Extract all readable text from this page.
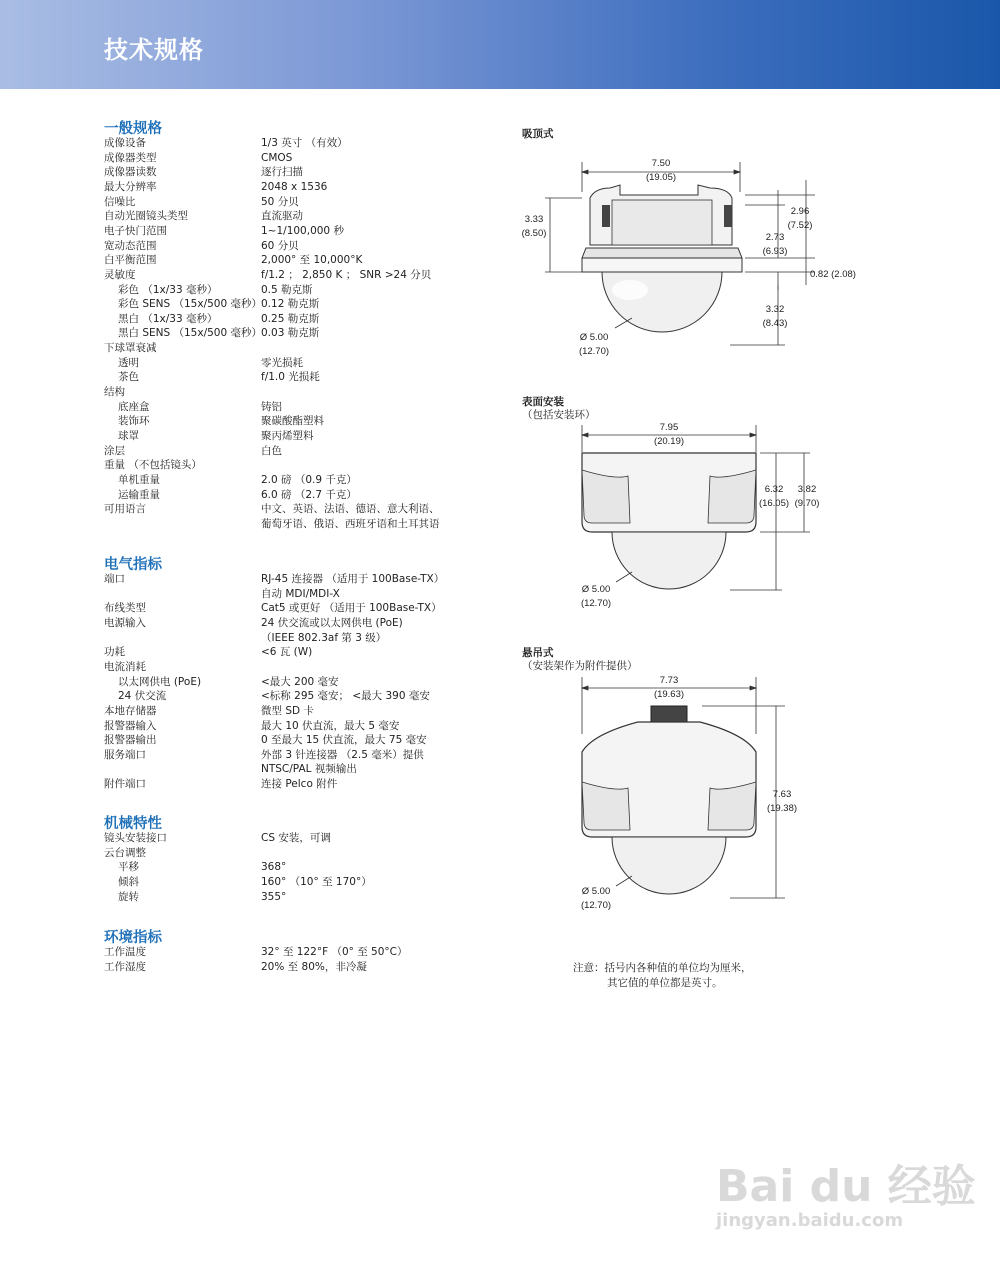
技术规格
一般规格
成像设备	1/3 英寸 （有效）
成像器类型	CMOS
成像器读数	逐行扫描
最大分辨率	2048 x 1536
信噪比	50 分贝
自动光圈镜头类型	直流驱动
电子快门范围	1~1/100,000 秒
宽动态范围	60 分贝
白平衡范围	2,000° 至 10,000°K
灵敏度	f/1.2 ； 2,850 K ； SNR >24 分贝
彩色 （1x/33 毫秒）	0.5 勒克斯
彩色 SENS （15x/500 毫秒） 0.12 勒克斯
黑白 （1x/33 毫秒）	0.25 勒克斯
黑白 SENS （15x/500 毫秒） 0.03 勒克斯
下球罩衰减
透明	零光损耗
茶色	f/1.0 光损耗
结构
底座盒	铸铝
装饰环	聚碳酸酯塑料
球罩	聚丙烯塑料
涂层	白色
重量 （不包括镜头）
单机重量	2.0 磅 （0.9 千克）
运输重量	6.0 磅 （2.7 千克）
可用语言	中文、英语、法语、德语、意大利语、
葡萄牙语、俄语、西班牙语和土耳其语
电气指标
端口	RJ-45 连接器 （适用于 100Base-TX）
自动 MDI/MDI-X
布线类型	Cat5 或更好 （适用于 100Base-TX）
电源输入	24 伏交流或以太网供电 (PoE)
（IEEE 802.3af 第 3 级）
功耗	<6 瓦 (W)
电流消耗
以太网供电 (PoE)	<最大 200 毫安
24 伏交流	<标称 295 毫安； <最大 390 毫安
本地存储器	微型 SD 卡
报警器输入	最大 10 伏直流，最大 5 毫安
报警器输出	0 至最大 15 伏直流，最大 75 毫安
服务端口	外部 3 针连接器 （2.5 毫米）提供
NTSC/PAL 视频输出
附件端口	连接 Pelco 附件
机械特性
镜头安装接口	CS 安装，可调
云台调整
平移	368°
倾斜	160° （10° 至 170°）
旋转	355°
环境指标
工作温度	32° 至 122°F （0° 至 50°C）
工作湿度	20% 至 80%，非冷凝
吸顶式
7.50
(19.05)
3.33
(8.50)
2.96
(7.52)
2.73
(6.93)
0.82 (2.08)
3.32
(8.43)
Ø 5.00
(12.70)
表面安装
（包括安装环）
7.95
(20.19)
6.32
(16.05)
3.82
(9.70)
Ø 5.00
(12.70)
悬吊式
（安装架作为附件提供）
7.73
(19.63)
7.63
(19.38)
Ø 5.00
(12.70)
注意：括号内各种值的单位均为厘米，
其它值的单位都是英寸。
Bai du 经验
jingyan.baidu.com
